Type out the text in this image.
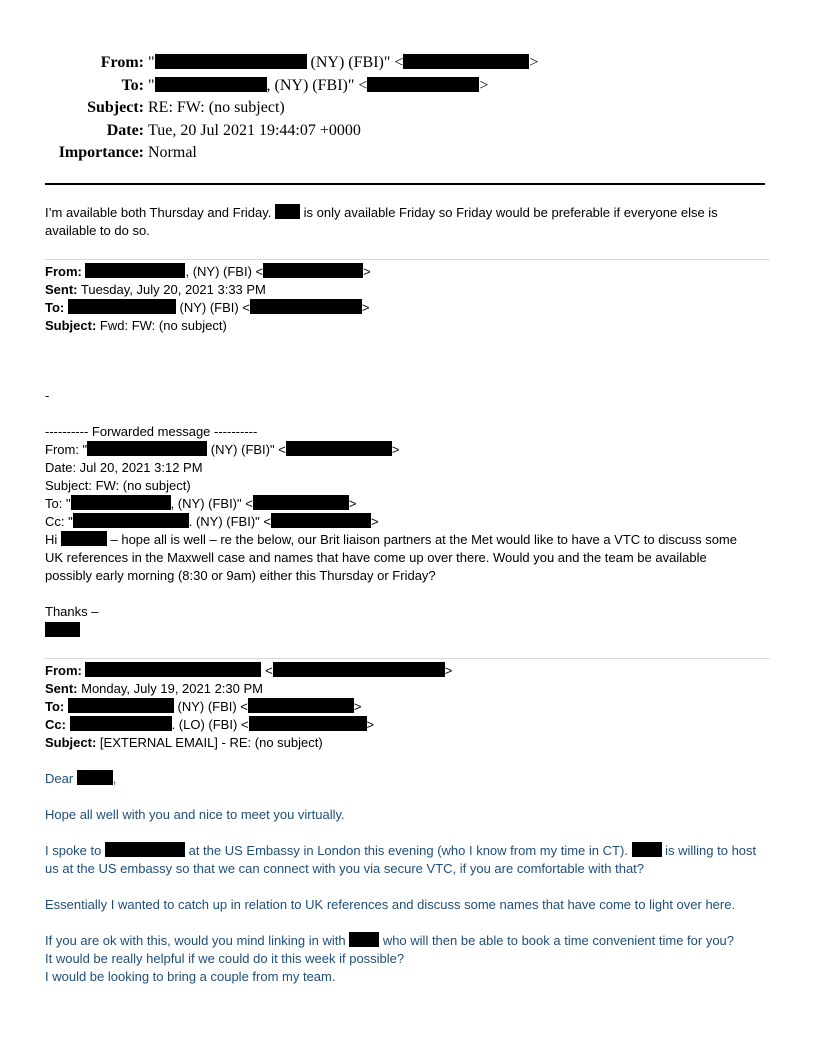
From: "	(NY) (FBI)" <	>
To: "	, (NY) (FBI)" <	>
Subject: RE: FW: (no subject)
Date: Tue, 20 Jul 2021 19:44:07 +0000
Importance: Normal
I’m available both Thursday and Friday.  is only available Friday so Friday would be preferable if everyone else is
available to do so.
From:	, (NY) (FBI) <	>
Sent: Tuesday, July 20, 2021 3:33 PM
To:	(NY) (FBI) <	>
Subject: Fwd: FW: (no subject)
-
---------- Forwarded message ----------
From: "	(NY) (FBI)" <	>
Date: Jul 20, 2021 3:12 PM
Subject: FW: (no subject)
To: "	, (NY) (FBI)" <	>
Cc: "	. (NY) (FBI)" <	>
Hi	– hope all is well – re the below, our Brit liaison partners at the Met would like to have a VTC to discuss some
UK references in the Maxwell case and names that have come up over there. Would you and the team be available
possibly early morning (8:30 or 9am) either this Thursday or Friday?
Thanks –
From:	<	>
Sent: Monday, July 19, 2021 2:30 PM
To:	(NY) (FBI) <	>
Cc:	. (LO) (FBI) <	>
Subject: [EXTERNAL EMAIL] - RE: (no subject)
Dear	,
Hope all well with you and nice to meet you virtually.
I spoke to	at the US Embassy in London this evening (who I know from my time in CT).  is willing to host
us at the US embassy so that we can connect with you via secure VTC, if you are comfortable with that?
Essentially I wanted to catch up in relation to UK references and discuss some names that have come to light over here.
If you are ok with this, would you mind linking in with  who will then be able to book a time convenient time for you?
It would be really helpful if we could do it this week if possible?
I would be looking to bring a couple from my team.
